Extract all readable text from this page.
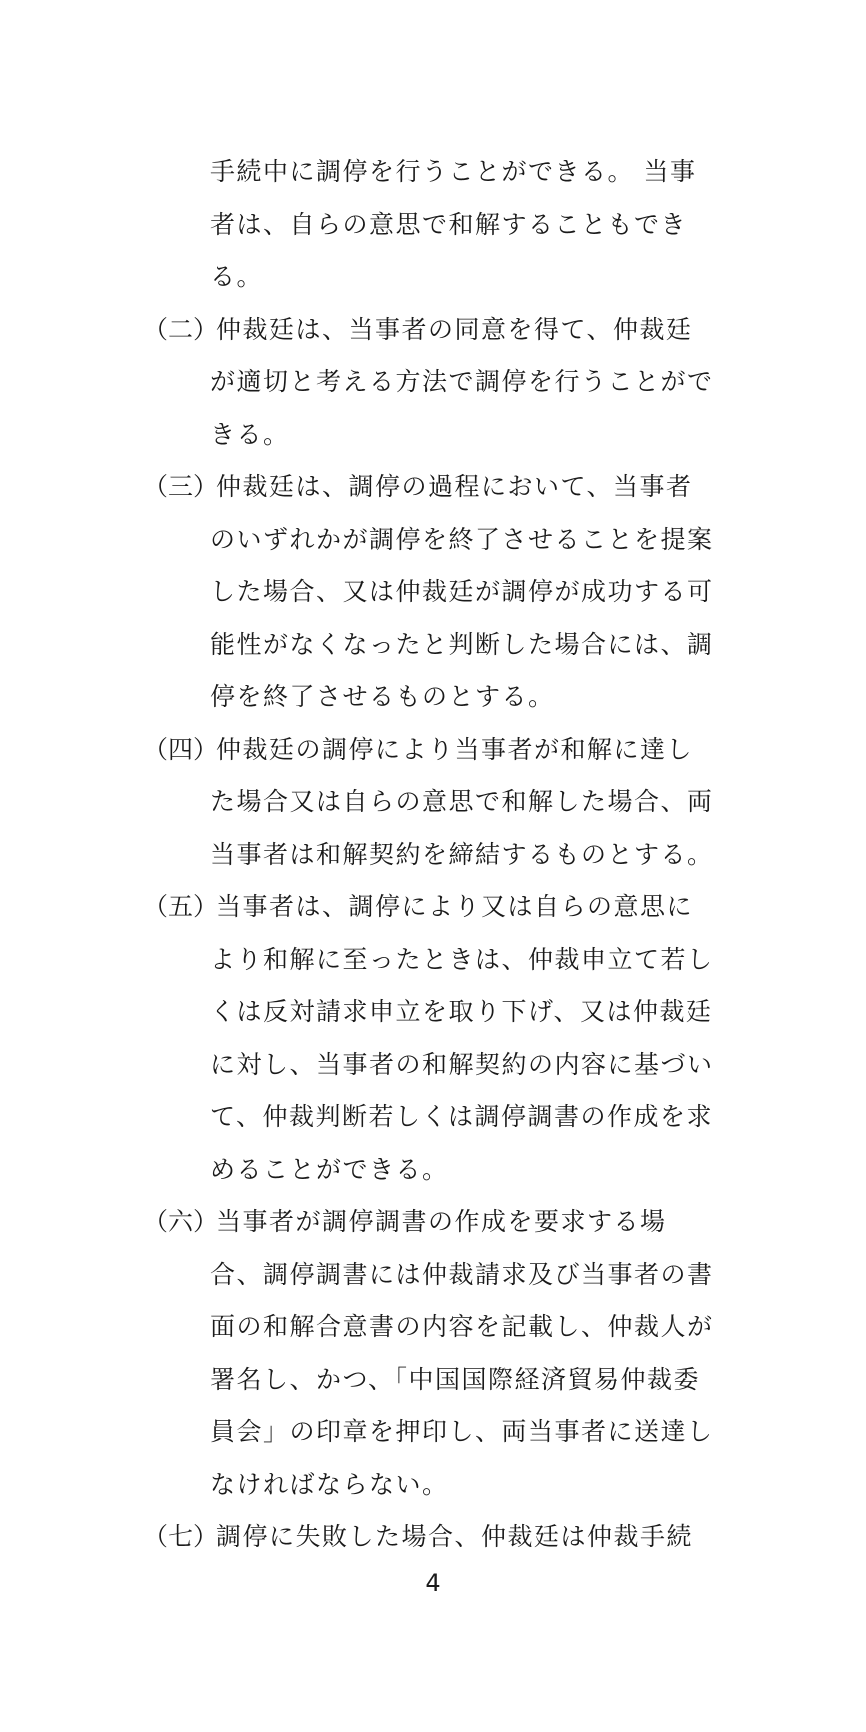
手続中に調停を行うことができる。 当事
者は、自らの意思で和解することもでき
る。
（二）仲裁廷は、当事者の同意を得て、仲裁廷
が適切と考える方法で調停を行うことがで
きる。
（三）仲裁廷は、調停の過程において、当事者
のいずれかが調停を終了させることを提案
した場合、又は仲裁廷が調停が成功する可
能性がなくなったと判断した場合には、調
停を終了させるものとする。
（四）仲裁廷の調停により当事者が和解に達し
た場合又は自らの意思で和解した場合、両
当事者は和解契約を締結するものとする。
（五）当事者は、調停により又は自らの意思に
より和解に至ったときは、仲裁申立て若し
くは反対請求申立を取り下げ、又は仲裁廷
に対し、当事者の和解契約の内容に基づい
て、仲裁判断若しくは調停調書の作成を求
めることができる。
（六）当事者が調停調書の作成を要求する場
合、調停調書には仲裁請求及び当事者の書
面の和解合意書の内容を記載し、仲裁人が
署名し、かつ、「中国国際経済貿易仲裁委
員会」の印章を押印し、両当事者に送達し
なければならない。
（七）調停に失敗した場合、仲裁廷は仲裁手続
4
